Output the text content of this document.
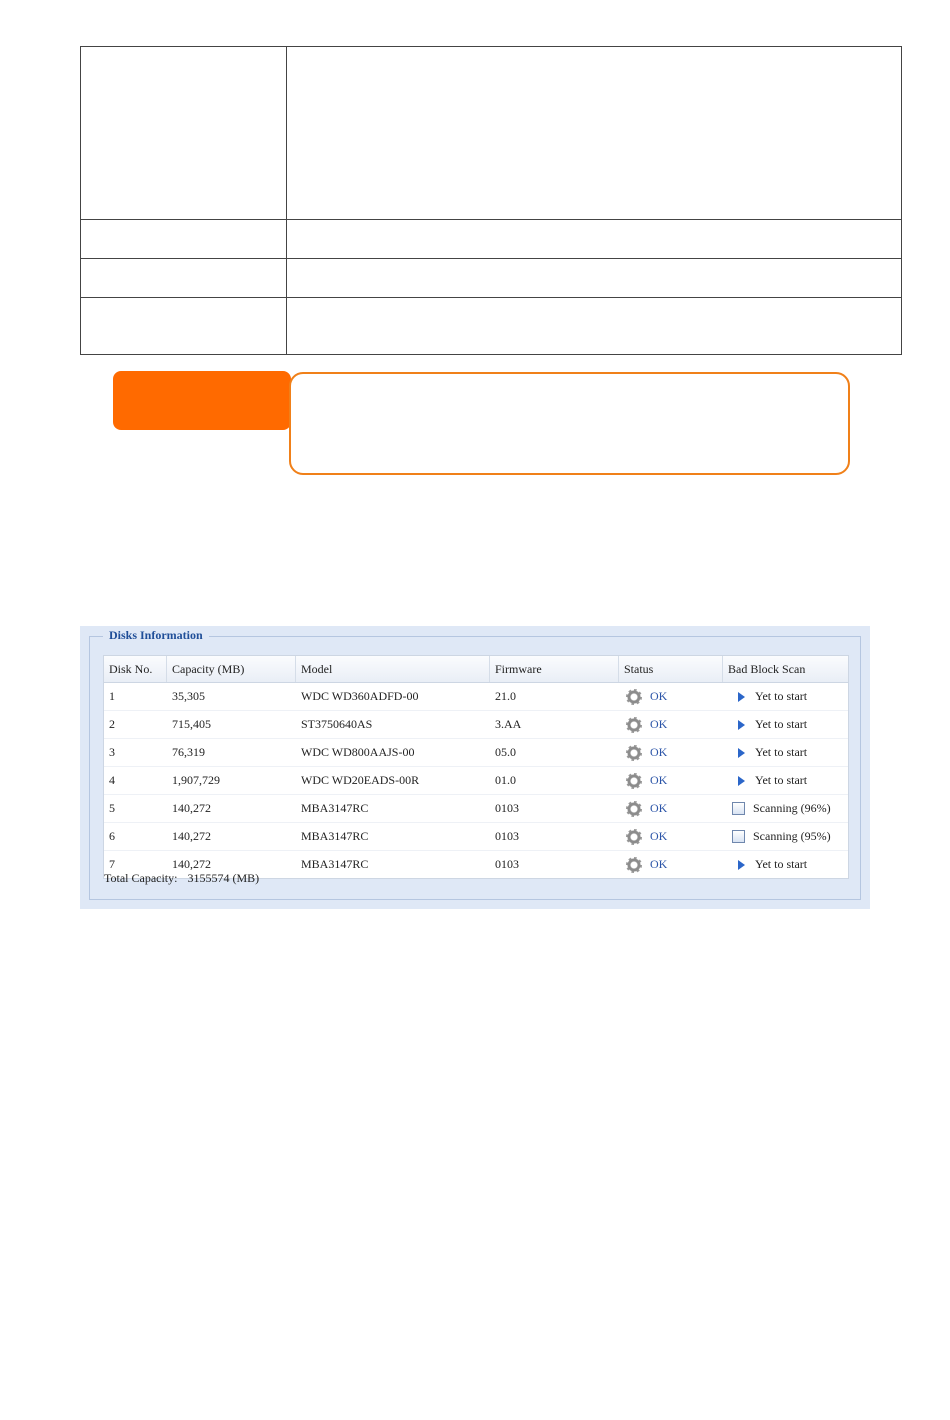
Disks Information
Disk No.	Capacity (MB)	Model	Firmware	Status	Bad Block Scan
1	35,305	WDC WD360ADFD-00	21.0	OK	Yet to start
2	715,405	ST3750640AS	3.AA	OK	Yet to start
3	76,319	WDC WD800AAJS-00	05.0	OK	Yet to start
4	1,907,729	WDC WD20EADS-00R	01.0	OK	Yet to start
5	140,272	MBA3147RC	0103	OK	Scanning (96%)
6	140,272	MBA3147RC	0103	OK	Scanning (95%)
7	140,272	MBA3147RC	0103	OK	Yet to start
Total Capacity: 3155574 (MB)
